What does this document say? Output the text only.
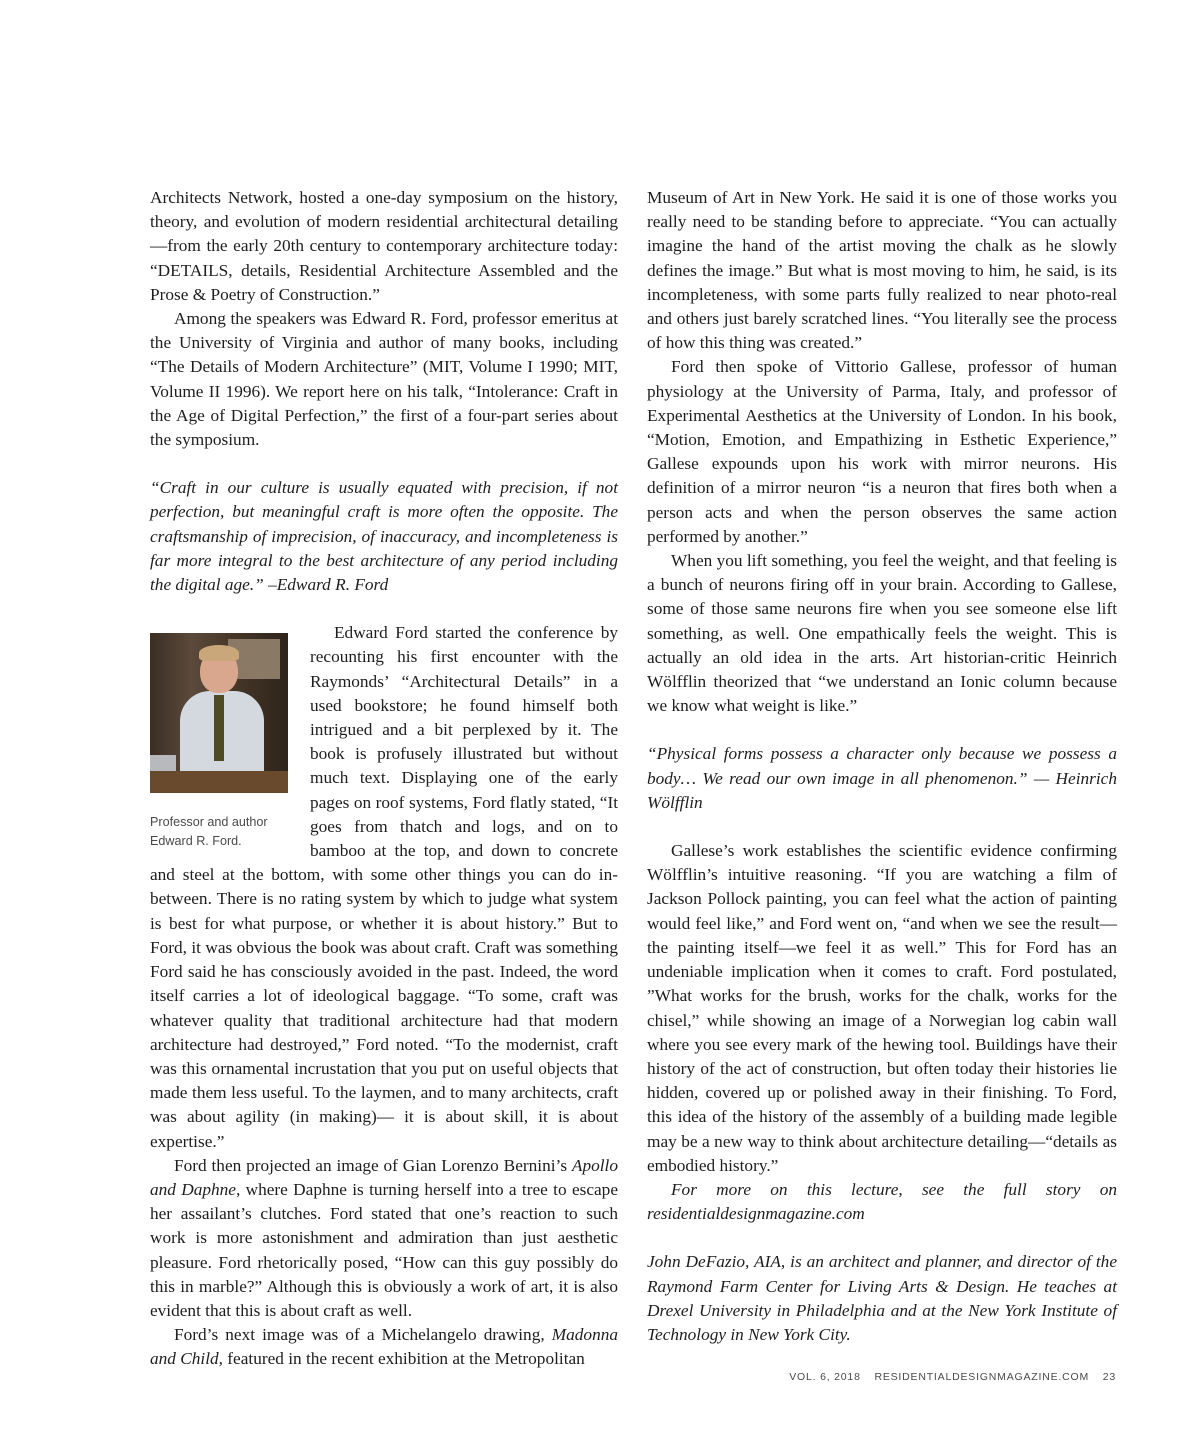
Architects Network, hosted a one-day symposium on the history, theory, and evolution of modern residential architectural detailing—from the early 20th century to contemporary architecture today: “DETAILS, details, Residential Architecture Assembled and the Prose & Poetry of Construction.”

Among the speakers was Edward R. Ford, professor emeritus at the University of Virginia and author of many books, including “The Details of Modern Architecture” (MIT, Volume I 1990; MIT, Volume II 1996). We report here on his talk, “Intolerance: Craft in the Age of Digital Perfection,” the first of a four-part series about the symposium.

“Craft in our culture is usually equated with precision, if not perfection, but meaningful craft is more often the opposite. The craftsmanship of imprecision, of inaccuracy, and incompleteness is far more integral to the best architecture of any period including the digital age.” –Edward R. Ford

Professor and author Edward R. Ford.

Edward Ford started the conference by recounting his first encounter with the Raymonds’ “Architectural Details” in a used bookstore; he found himself both intrigued and a bit perplexed by it. The book is profusely illustrated but without much text. Displaying one of the early pages on roof systems, Ford flatly stated, “It goes from thatch and logs, and on to bamboo at the top, and down to concrete and steel at the bottom, with some other things you can do in-between. There is no rating system by which to judge what system is best for what purpose, or whether it is about history.” But to Ford, it was obvious the book was about craft. Craft was something Ford said he has consciously avoided in the past. Indeed, the word itself carries a lot of ideological baggage. “To some, craft was whatever quality that traditional architecture had that modern architecture had destroyed,” Ford noted. “To the modernist, craft was this ornamental incrustation that you put on useful objects that made them less useful. To the laymen, and to many architects, craft was about agility (in making)— it is about skill, it is about expertise.”

Ford then projected an image of Gian Lorenzo Bernini’s Apollo and Daphne, where Daphne is turning herself into a tree to escape her assailant’s clutches. Ford stated that one’s reaction to such work is more astonishment and admiration than just aesthetic pleasure. Ford rhetorically posed, “How can this guy possibly do this in marble?” Although this is obviously a work of art, it is also evident that this is about craft as well.

Ford’s next image was of a Michelangelo drawing, Madonna and Child, featured in the recent exhibition at the Metropolitan

Museum of Art in New York. He said it is one of those works you really need to be standing before to appreciate. “You can actually imagine the hand of the artist moving the chalk as he slowly defines the image.” But what is most moving to him, he said, is its incompleteness, with some parts fully realized to near photo-real and others just barely scratched lines. “You literally see the process of how this thing was created.”

Ford then spoke of Vittorio Gallese, professor of human physiology at the University of Parma, Italy, and professor of Experimental Aesthetics at the University of London. In his book, “Motion, Emotion, and Empathizing in Esthetic Experience,” Gallese expounds upon his work with mirror neurons. His definition of a mirror neuron “is a neuron that fires both when a person acts and when the person observes the same action performed by another.”

When you lift something, you feel the weight, and that feeling is a bunch of neurons firing off in your brain. According to Gallese, some of those same neurons fire when you see someone else lift something, as well. One empathically feels the weight. This is actually an old idea in the arts. Art historian-critic Heinrich Wölfflin theorized that “we understand an Ionic column because we know what weight is like.”

“Physical forms possess a character only because we possess a body… We read our own image in all phenomenon.” — Heinrich Wölfflin

Gallese’s work establishes the scientific evidence confirming Wölfflin’s intuitive reasoning. “If you are watching a film of Jackson Pollock painting, you can feel what the action of painting would feel like,” and Ford went on, “and when we see the result—the painting itself—we feel it as well.” This for Ford has an undeniable implication when it comes to craft. Ford postulated, ”What works for the brush, works for the chalk, works for the chisel,” while showing an image of a Norwegian log cabin wall where you see every mark of the hewing tool. Buildings have their history of the act of construction, but often today their histories lie hidden, covered up or polished away in their finishing. To Ford, this idea of the history of the assembly of a building made legible may be a new way to think about architecture detailing—“details as embodied history.”

For more on this lecture, see the full story on residentialdesignmagazine.com

John DeFazio, AIA, is an architect and planner, and director of the Raymond Farm Center for Living Arts & Design. He teaches at Drexel University in Philadelphia and at the New York Institute of Technology in New York City.

VOL. 6, 2018 RESIDENTIALDESIGNMAGAZINE.COM 23
